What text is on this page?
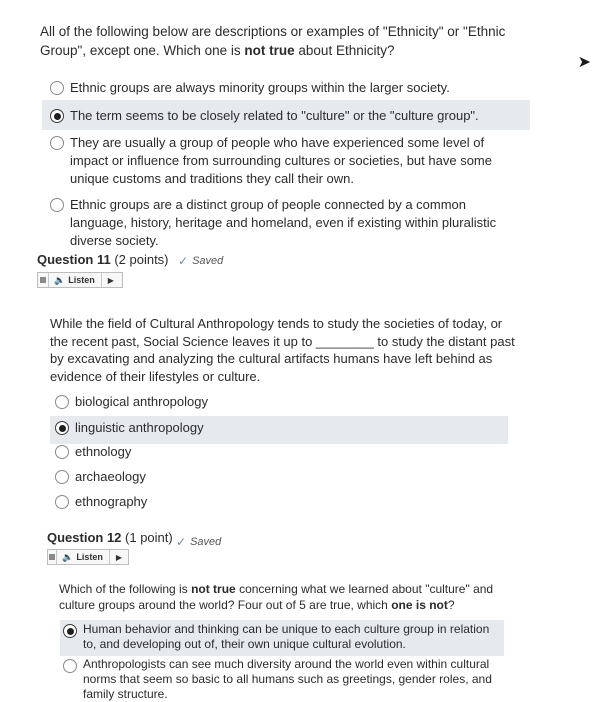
All of the following below are descriptions or examples of "Ethnicity" or "Ethnic
Group", except one. Which one is not true about Ethnicity?
Ethnic groups are always minority groups within the larger society.
The term seems to be closely related to "culture" or the "culture group".
They are usually a group of people who have experienced some level of impact or influence from surrounding cultures or societies, but have some unique customs and traditions they call their own.
Ethnic groups are a distinct group of people connected by a common language, history, heritage and homeland, even if existing within pluralistic diverse society.
➤
Question 11 (2 points) ✓ Saved
🔈 Listen	▶
While the field of Cultural Anthropology tends to study the societies of today, or the recent past, Social Science leaves it up to ________ to study the distant past by excavating and analyzing the cultural artifacts humans have left behind as evidence of their lifestyles or culture.
biological anthropology
linguistic anthropology
ethnology
archaeology
ethnography
Question 12 (1 point) ✓ Saved
🔈 Listen	▶
Which of the following is not true concerning what we learned about "culture" and culture groups around the world? Four out of 5 are true, which one is not?
Human behavior and thinking can be unique to each culture group in relation to, and developing out of, their own unique cultural evolution.
Anthropologists can see much diversity around the world even within cultural norms that seem so basic to all humans such as greetings, gender roles, and family structure.
